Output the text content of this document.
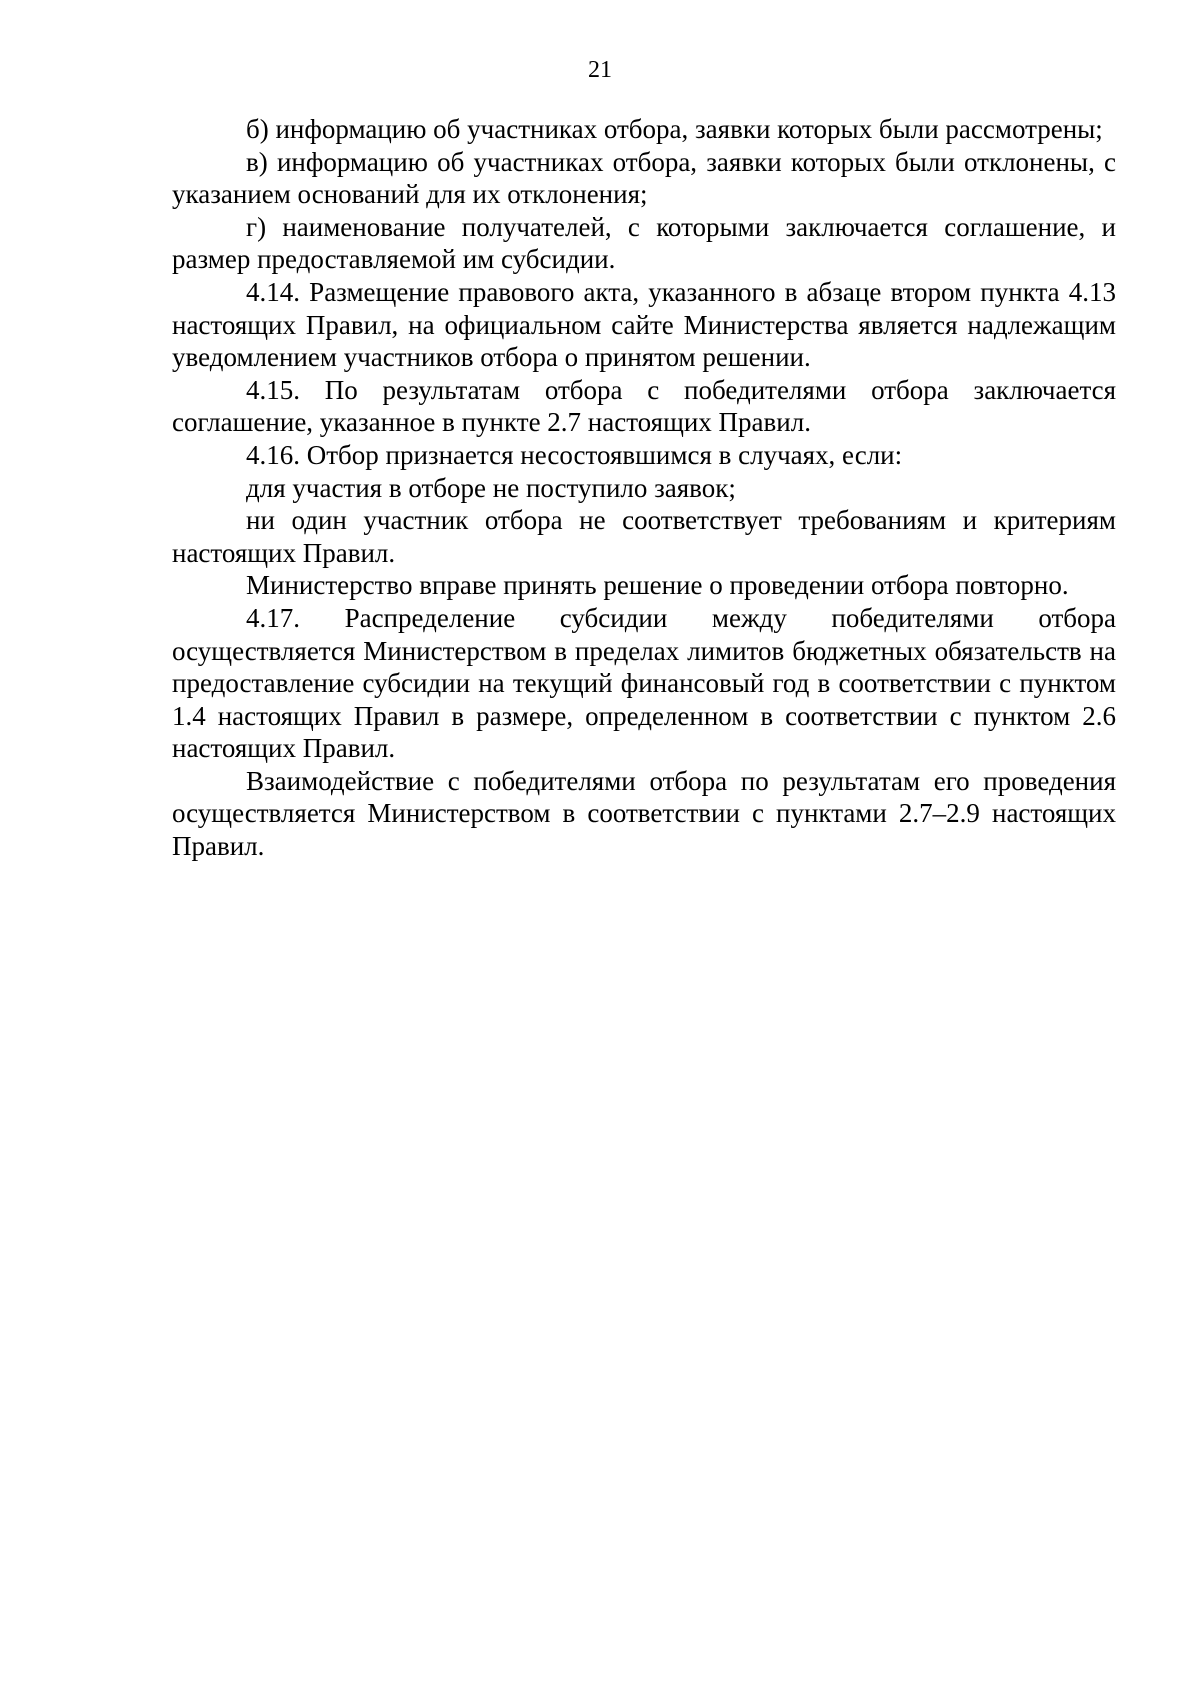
21

б) информацию об участниках отбора, заявки которых были рассмотрены;

в) информацию об участниках отбора, заявки которых были отклонены, с указанием оснований для их отклонения;

г) наименование получателей, с которыми заключается соглашение, и размер предоставляемой им субсидии.

4.14. Размещение правового акта, указанного в абзаце втором пункта 4.13 настоящих Правил, на официальном сайте Министерства является надлежащим уведомлением участников отбора о принятом решении.

4.15. По результатам отбора с победителями отбора заключается соглашение, указанное в пункте 2.7 настоящих Правил.

4.16. Отбор признается несостоявшимся в случаях, если:

для участия в отборе не поступило заявок;

ни один участник отбора не соответствует требованиям и критериям настоящих Правил.

Министерство вправе принять решение о проведении отбора повторно.

4.17. Распределение субсидии между победителями отбора осуществляется Министерством в пределах лимитов бюджетных обязательств на предоставление субсидии на текущий финансовый год в соответствии с пунктом 1.4 настоящих Правил в размере, определенном в соответствии с пунктом 2.6 настоящих Правил.

Взаимодействие с победителями отбора по результатам его проведения осуществляется Министерством в соответствии с пунктами 2.7–2.9 настоящих Правил.
